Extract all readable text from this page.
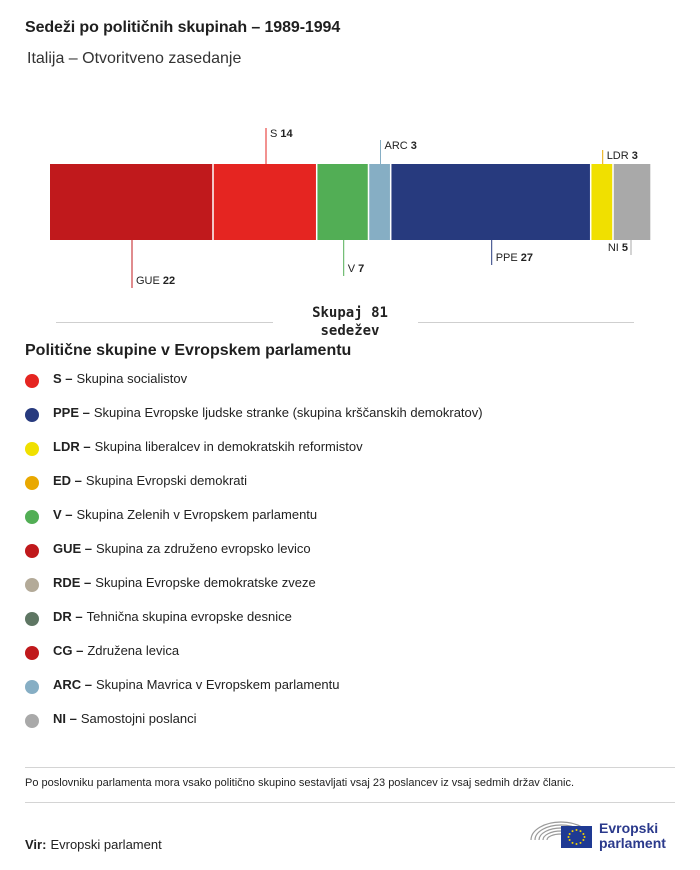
Sedeži po političnih skupinah – 1989-1994
Italija – Otvoritveno zasedanje
GUE 22
S 14
V 7
ARC 3
PPE 27
LDR 3
NI 5
Skupaj 81
sedežev
Politične skupine v Evropskem parlamentu
S – Skupina socialistov
PPE – Skupina Evropske ljudske stranke (skupina krščanskih demokratov)
LDR – Skupina liberalcev in demokratskih reformistov
ED – Skupina Evropski demokrati
V – Skupina Zelenih v Evropskem parlamentu
GUE – Skupina za združeno evropsko levico
RDE – Skupina Evropske demokratske zveze
DR – Tehnična skupina evropske desnice
CG – Združena levica
ARC – Skupina Mavrica v Evropskem parlamentu
NI – Samostojni poslanci
Po poslovniku parlamenta mora vsako politično skupino sestavljati vsaj 23 poslancev iz vsaj sedmih držav članic.
Vir: Evropski parlament
Evropski
parlament
